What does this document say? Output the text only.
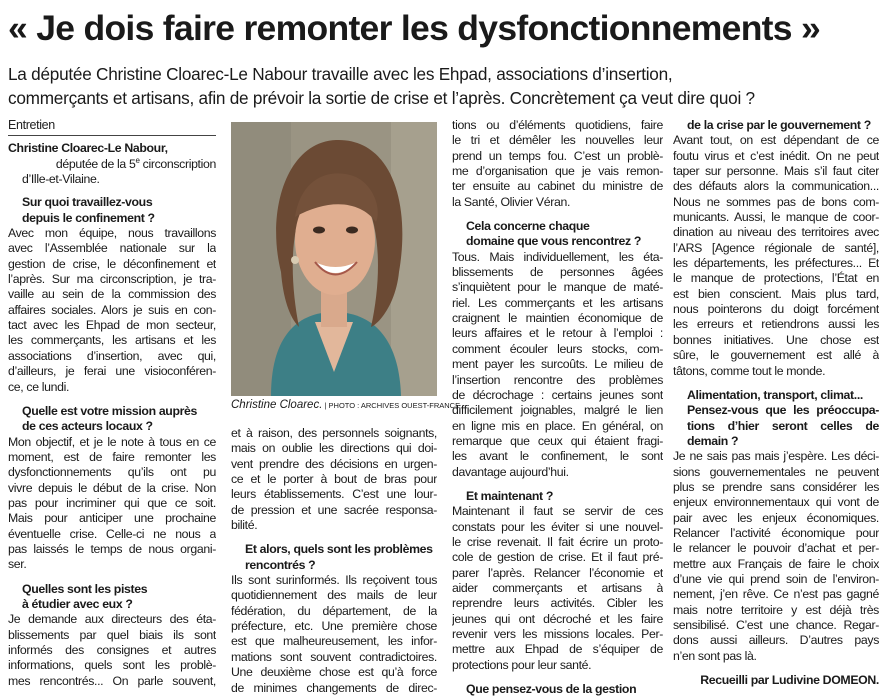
« Je dois faire remonter les dysfonctionnements »

La députée Christine Cloarec-Le Nabour travaille avec les Ehpad, associations d’insertion,

commerçants et artisans, afin de prévoir la sortie de crise et l’après. Concrètement ça veut dire quoi ?

Entretien

Christine Cloarec-Le Nabour,

députée de la 5e circonscription

d’Ille-et-Vilaine.

Sur quoi travaillez-vous

depuis le confinement ?

Avec mon équipe, nous travaillons

avec l’Assemblée nationale sur la

gestion de crise, le déconfinement et

l’après. Sur ma circonscription, je tra-

vaille au sein de la commission des

affaires sociales. Alors je suis en con-

tact avec les Ehpad de mon secteur,

les commerçants, les artisans et les

associations d’insertion, avec qui,

d’ailleurs, je ferai une visioconféren-

ce, ce lundi.

Quelle est votre mission auprès

de ces acteurs locaux ?

Mon objectif, et je le note à tous en ce

moment, est de faire remonter les

dysfonctionnements qu’ils ont pu

vivre depuis le début de la crise. Non

pas pour incriminer qui que ce soit.

Mais pour anticiper une prochaine

éventuelle crise. Celle-ci ne nous a

pas laissés le temps de nous organi-

ser.

Quelles sont les pistes

à étudier avec eux ?

Je demande aux directeurs des éta-

blissements par quel biais ils sont

informés des consignes et autres

informations, quels sont les problè-

mes rencontrés... On parle souvent,

Christine Cloarec. | PHOTO : ARCHIVES OUEST-FRANCE

et à raison, des personnels soignants,

mais on oublie les directions qui doi-

vent prendre des décisions en urgen-

ce et le porter à bout de bras pour

leurs établissements. C’est une lour-

de pression et une sacrée responsa-

bilité.

Et alors, quels sont les problèmes

rencontrés ?

Ils sont surinformés. Ils reçoivent tous

quotidiennement des mails de leur

fédération, du département, de la

préfecture, etc. Une première chose

est que malheureusement, les infor-

mations sont souvent contradictoires.

Une deuxième chose est qu’à force

de minimes changements de direc-

tions ou d’éléments quotidiens, faire

le tri et démêler les nouvelles leur

prend un temps fou. C’est un problè-

me d’organisation que je vais remon-

ter ensuite au cabinet du ministre de

la Santé, Olivier Véran.

Cela concerne chaque

domaine que vous rencontrez ?

Tous. Mais individuellement, les éta-

blissements de personnes âgées

s’inquiètent pour le manque de maté-

riel. Les commerçants et les artisans

craignent le maintien économique de

leurs affaires et le retour à l’emploi :

comment écouler leurs stocks, com-

ment payer les surcoûts. Le milieu de

l’insertion rencontre des problèmes

de décrochage : certains jeunes sont

difficilement joignables, malgré le lien

en ligne mis en place. En général, on

remarque que ceux qui étaient fragi-

les avant le confinement, le sont

davantage aujourd’hui.

Et maintenant ?

Maintenant il faut se servir de ces

constats pour les éviter si une nouvel-

le crise revenait. Il fait écrire un proto-

cole de gestion de crise. Et il faut pré-

parer l’après. Relancer l’économie et

aider commerçants et artisans à

reprendre leurs activités. Cibler les

jeunes qui ont décroché et les faire

revenir vers les missions locales. Per-

mettre aux Ehpad de s’équiper de

protections pour leur santé.

Que pensez-vous de la gestion

de la crise par le gouvernement ?

Avant tout, on est dépendant de ce

foutu virus et c’est inédit. On ne peut

taper sur personne. Mais s’il faut citer

des défauts alors la communication...

Nous ne sommes pas de bons com-

municants. Aussi, le manque de coor-

dination au niveau des territoires avec

l’ARS [Agence régionale de santé],

les départements, les préfectures... Et

le manque de protections, l’État en

est bien conscient. Mais plus tard,

nous pointerons du doigt forcément

les erreurs et retiendrons aussi les

bonnes initiatives. Une chose est

sûre, le gouvernement est allé à

tâtons, comme tout le monde.

Alimentation, transport, climat...

Pensez-vous que les préoccupa-

tions d’hier seront celles de

demain ?

Je ne sais pas mais j’espère. Les déci-

sions gouvernementales ne peuvent

plus se prendre sans considérer les

enjeux environnementaux qui vont de

pair avec les enjeux économiques.

Relancer l’activité économique pour

le relancer le pouvoir d’achat et per-

mettre aux Français de faire le choix

d’une vie qui prend soin de l’environ-

nement, j’en rêve. Ce n’est pas gagné

mais notre territoire y est déjà très

sensibilisé. C’est une chance. Regar-

dons aussi ailleurs. D’autres pays

n’en sont pas là.

Recueilli par Ludivine DOMEON.
